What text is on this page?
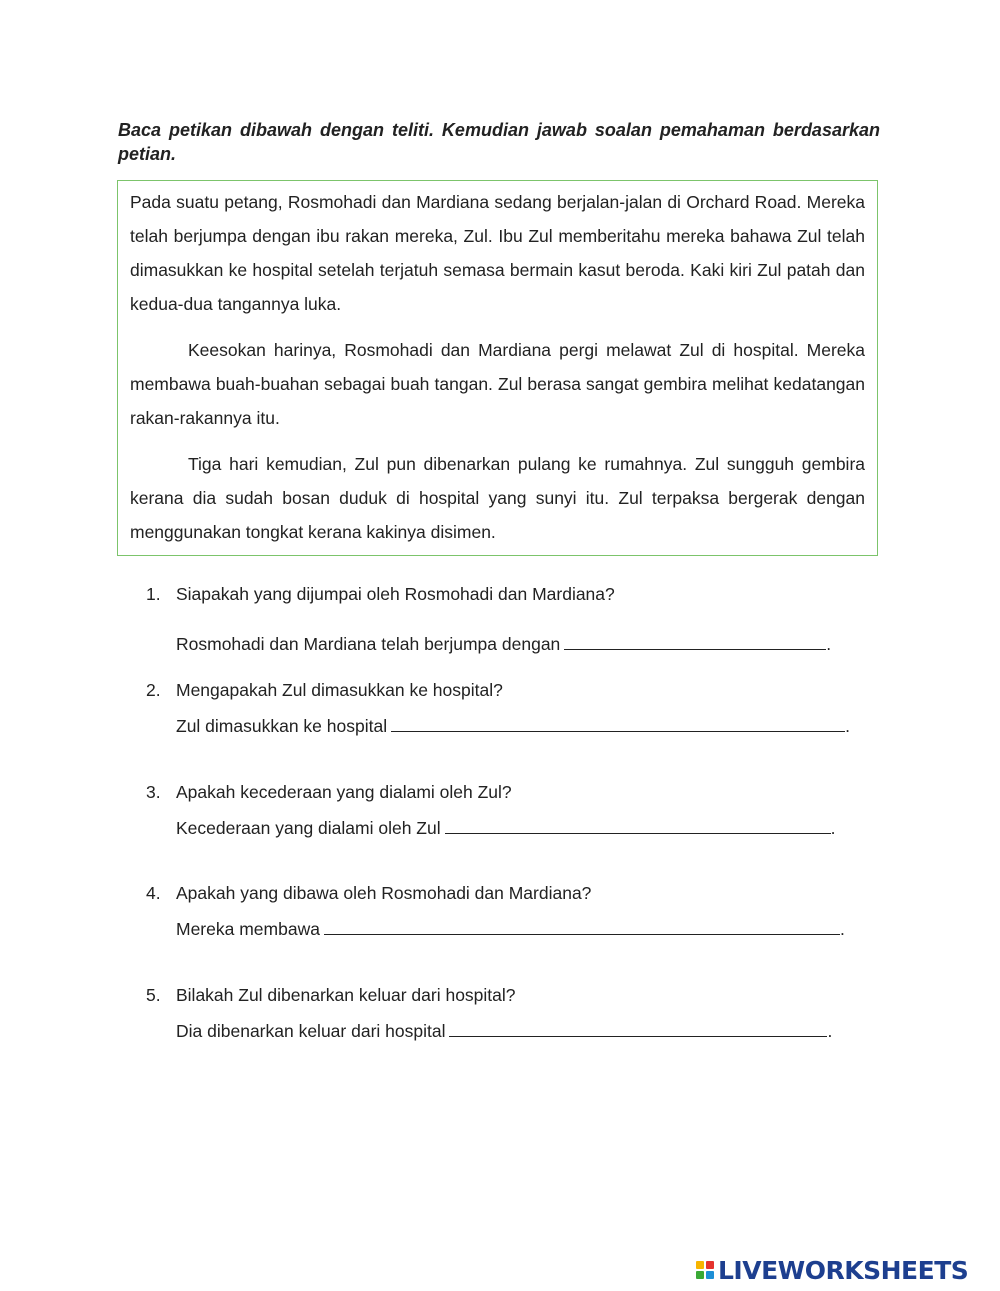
Baca petikan dibawah dengan teliti. Kemudian jawab soalan pemahaman berdasarkan petian.

Pada suatu petang, Rosmohadi dan Mardiana sedang berjalan-jalan di Orchard Road. Mereka telah berjumpa dengan ibu rakan mereka, Zul. Ibu Zul memberitahu mereka bahawa Zul telah dimasukkan ke hospital setelah terjatuh semasa bermain kasut beroda. Kaki kiri Zul patah dan kedua-dua tangannya luka.

Keesokan harinya, Rosmohadi dan Mardiana pergi melawat Zul di hospital. Mereka membawa buah-buahan sebagai buah tangan. Zul berasa sangat gembira melihat kedatangan rakan-rakannya itu.

Tiga hari kemudian, Zul pun dibenarkan pulang ke rumahnya. Zul sungguh gembira kerana dia sudah bosan duduk di hospital yang sunyi itu. Zul terpaksa bergerak dengan menggunakan tongkat kerana kakinya disimen.

1. Siapakah yang dijumpai oleh Rosmohadi dan Mardiana?
Rosmohadi dan Mardiana telah berjumpa dengan	.
2. Mengapakah Zul dimasukkan ke hospital?
Zul dimasukkan ke hospital	.
3. Apakah kecederaan yang dialami oleh Zul?
Kecederaan yang dialami oleh Zul	.
4. Apakah yang dibawa oleh Rosmohadi dan Mardiana?
Mereka membawa	.
5. Bilakah Zul dibenarkan keluar dari hospital?
Dia dibenarkan keluar dari hospital	.
LIVEWORKSHEETS
